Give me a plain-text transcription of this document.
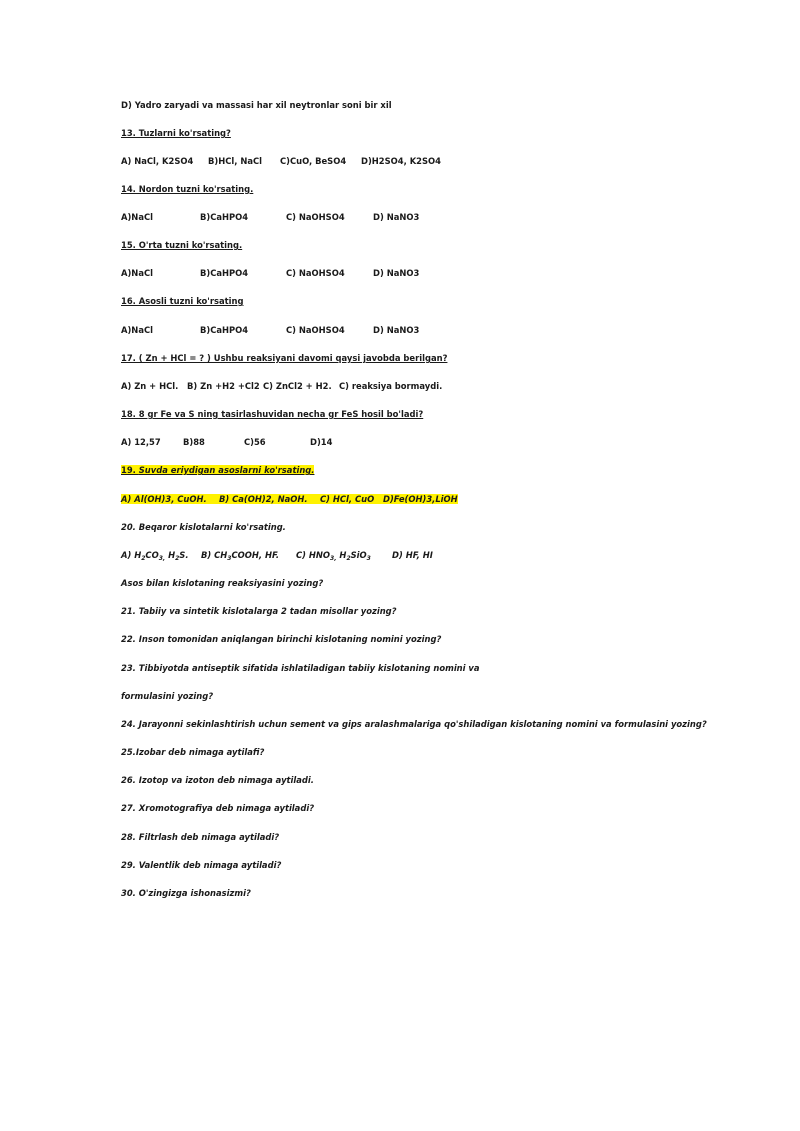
D) Yadro zaryadi va massasi har xil neytronlar soni bir xil
13. Tuzlarni ko'rsating?
A) NaCl, K2SO4 B)HCl, NaCl C)CuO, BeSO4 D)H2SO4, K2SO4
14. Nordon tuzni ko'rsating.
A)NaCl	B)CaHPO4	C) NaOHSO4	D) NaNO3
15. O'rta tuzni ko'rsating.
A)NaCl	B)CaHPO4	C) NaOHSO4	D) NaNO3
16. Asosli tuzni ko'rsating
A)NaCl	B)CaHPO4	C) NaOHSO4	D) NaNO3
17. ( Zn + HCl = ? ) Ushbu reaksiyani davomi qaysi javobda berilgan?
A) Zn + HCl. B) Zn +H2 +Cl2 C) ZnCl2 + H2. C) reaksiya bormaydi.
18. 8 gr Fe va S ning tasirlashuvidan necha gr FeS hosil bo'ladi?
A) 12,57	B)88	C)56	D)14
19. Suvda eriydigan asoslarni ko'rsating.
A) Al(OH)3, CuOH. B) Ca(OH)2, NaOH. C) HCl, CuO D)Fe(OH)3,LiOH
20. Beqaror kislotalarni ko'rsating.
A) $H_2CO_{3,}$ $H_2S$. B) $CH_3COOH$, HF. C) $HNO_{3,}$ $H_2SiO_3$	D) HF, HI
Asos bilan kislotaning reaksiyasini yozing?
21. Tabiiy va sintetik kislotalarga 2 tadan misollar yozing?
22. Inson tomonidan aniqlangan birinchi kislotaning nomini yozing?
23. Tibbiyotda antiseptik sifatida ishlatiladigan tabiiy kislotaning nomini va
formulasini yozing?
24. Jarayonni sekinlashtirish uchun sement va gips aralashmalariga qo'shiladigan kislotaning nomini va formulasini yozing?
25.Izobar deb nimaga aytilafi?
26. Izotop va izoton deb nimaga aytiladi.
27. Xromotografiya deb nimaga aytiladi?
28. Filtrlash deb nimaga aytiladi?
29. Valentlik deb nimaga aytiladi?
30. O'zingizga ishonasizmi?
